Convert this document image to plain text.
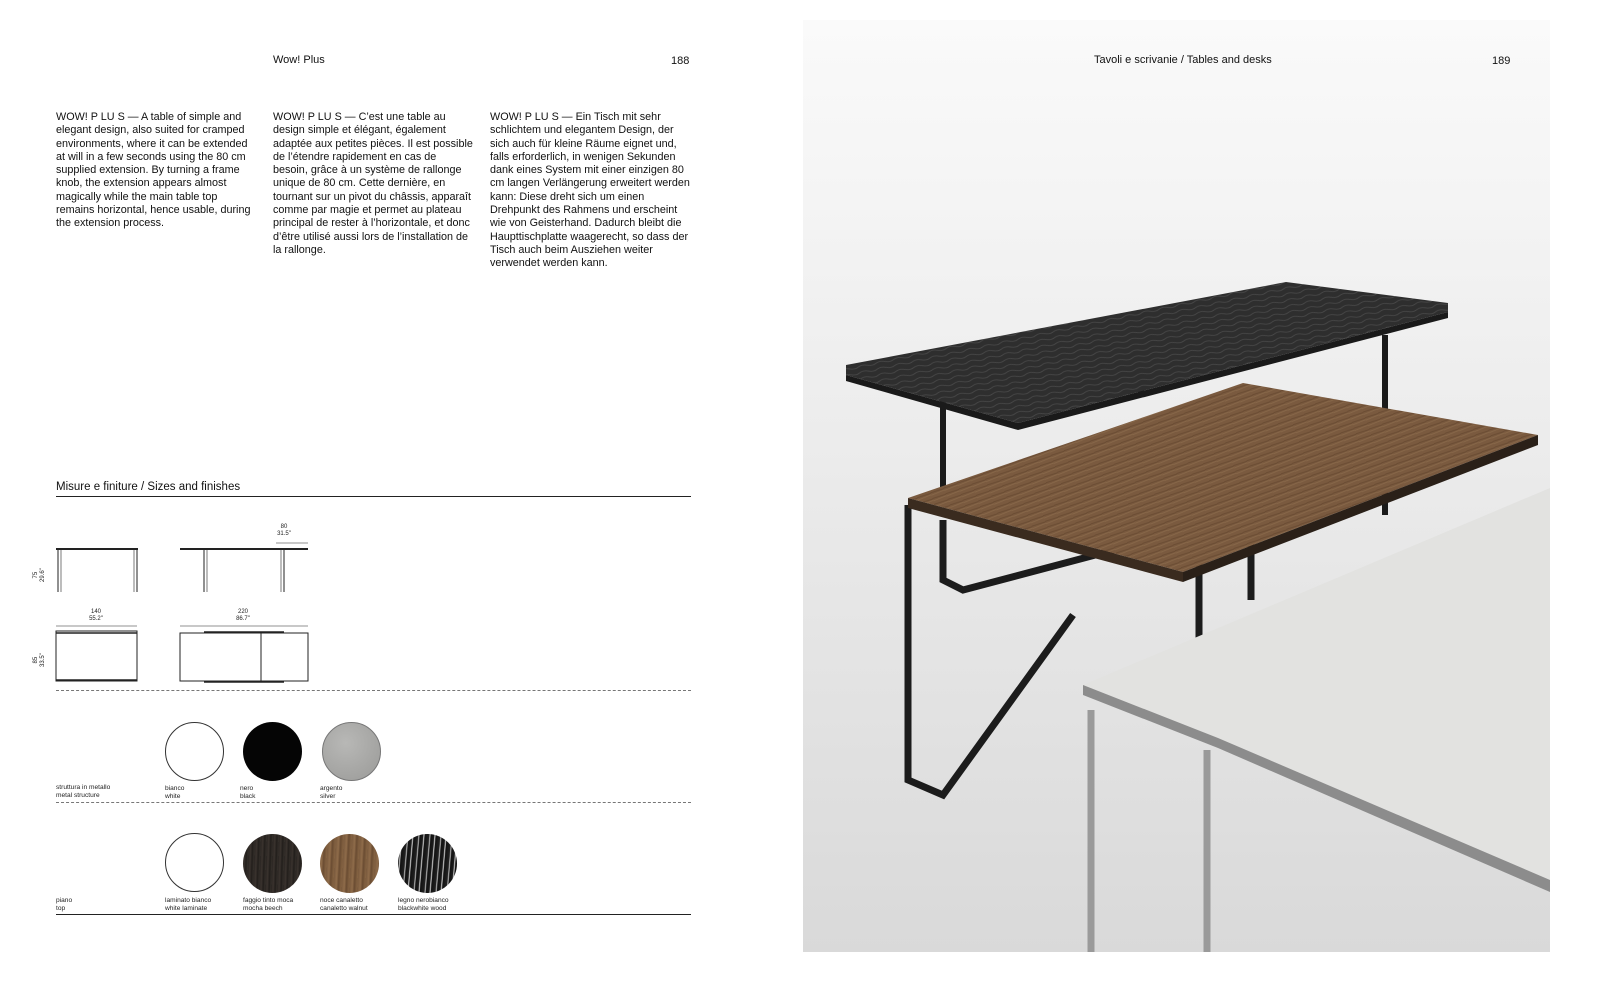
Wow! Plus	188
WOW! P LU S — A table of simple and elegant design, also suited for cramped environments, where it can be extended at will in a few seconds using the 80 cm supplied extension. By turning a frame knob, the extension appears almost magically while the main table top remains horizontal, hence usable, during the extension process.
WOW! P LU S — C’est une table au design simple et élégant, également adaptée aux petites pièces. Il est possible de l’étendre rapidement en cas de besoin, grâce à un système de rallonge unique de 80 cm. Cette dernière, en tournant sur un pivot du châssis, apparaît comme par magie et permet au plateau principal de rester à l’horizontale, et donc d’être utilisé aussi lors de l’installation de la rallonge.
WOW! P LU S — Ein Tisch mit sehr schlichtem und elegantem Design, der sich auch für kleine Räume eignet und, falls erforderlich, in wenigen Sekunden dank eines System mit einer einzigen 80 cm langen Verlängerung erweitert werden kann: Diese dreht sich um einen Drehpunkt des Rahmens und erscheint wie von Geisterhand. Dadurch bleibt die Haupttischplatte waagerecht, so dass der Tisch auch beim Ausziehen weiter verwendet werden kann.
Misure e finiture / Sizes and finishes
80
31.5"
140
55.2"
220
86.7"
75 29.6"
85 33.5"
struttura in metallo
metal structure
bianco
white
nero
black
argento
silver
piano
top
laminato bianco
white laminate
faggio tinto moca
mocha beech
noce canaletto
canaletto walnut
legno nerobianco
blackwhite wood
Tavoli e scrivanie / Tables and desks	189
